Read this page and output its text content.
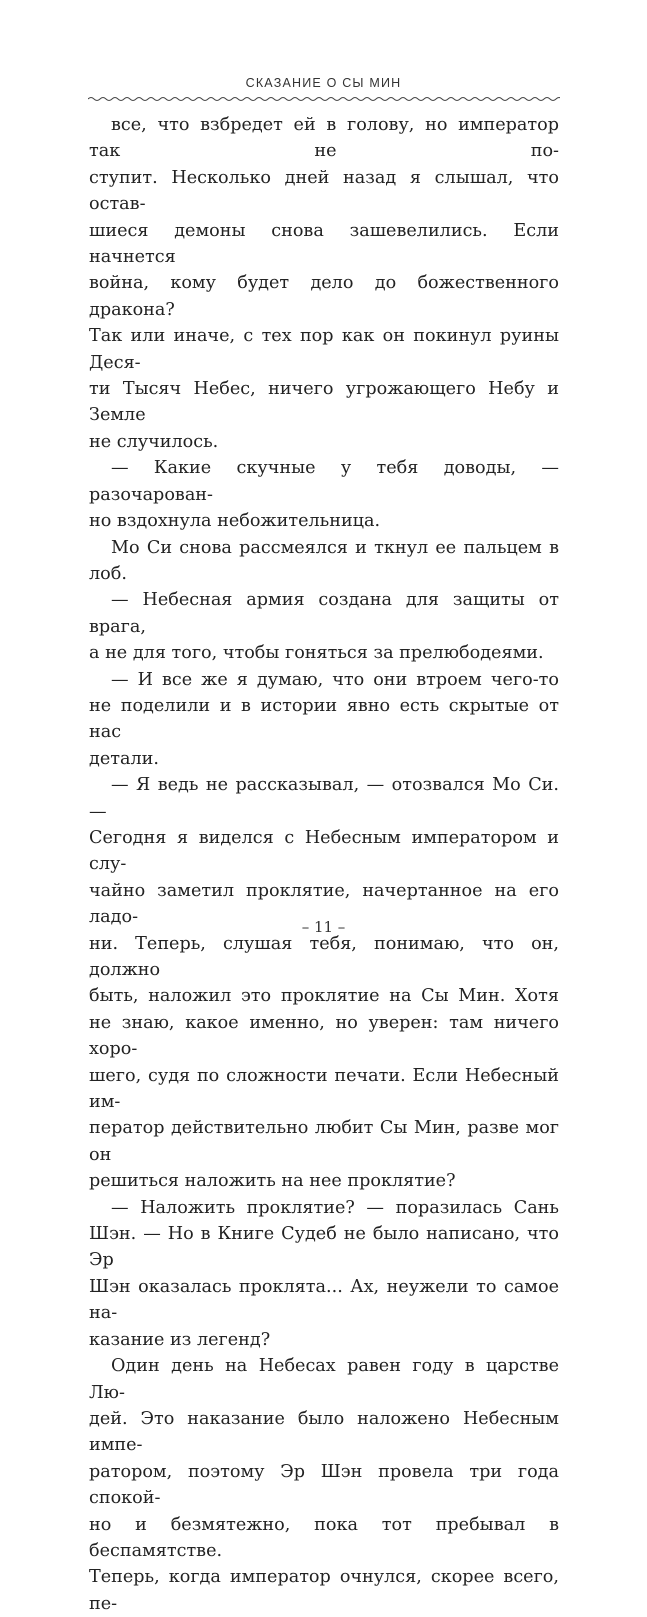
СКАЗАНИЕ О СЫ МИН

все, что взбредет ей в голову, но император так не по-

ступит. Несколько дней назад я слышал, что остав-

шиеся демоны снова зашевелились. Если начнется

война, кому будет дело до божественного дракона?

Так или иначе, с тех пор как он покинул руины Деся-

ти Тысяч Небес, ничего угрожающего Небу и Земле

не случилось.

— Какие скучные у тебя доводы, — разочарован-

но вздохнула небожительница.

Мо Си снова рассмеялся и ткнул ее пальцем в лоб.

— Небесная армия создана для защиты от врага,

а не для того, чтобы гоняться за прелюбодеями.

— И все же я думаю, что они втроем чего-то

не поделили и в истории явно есть скрытые от нас

детали.

— Я ведь не рассказывал, — отозвался Мо Си. —

Сегодня я виделся с Небесным императором и слу-

чайно заметил проклятие, начертанное на его ладо-

ни. Теперь, слушая тебя, понимаю, что он, должно

быть, наложил это проклятие на Сы Мин. Хотя

не знаю, какое именно, но уверен: там ничего хоро-

шего, судя по сложности печати. Если Небесный им-

ператор действительно любит Сы Мин, разве мог он

решиться наложить на нее проклятие?

— Наложить проклятие? — поразилась Сань

Шэн. — Но в Книге Судеб не было написано, что Эр

Шэн оказалась проклята... Ах, неужели то самое на-

казание из легенд?

Один день на Небесах равен году в царстве Лю-

дей. Это наказание было наложено Небесным импе-

ратором, поэтому Эр Шэн провела три года спокой-

но и безмятежно, пока тот пребывал в беспамятстве.

Теперь, когда император очнулся, скорее всего, пе-

– 11 –
